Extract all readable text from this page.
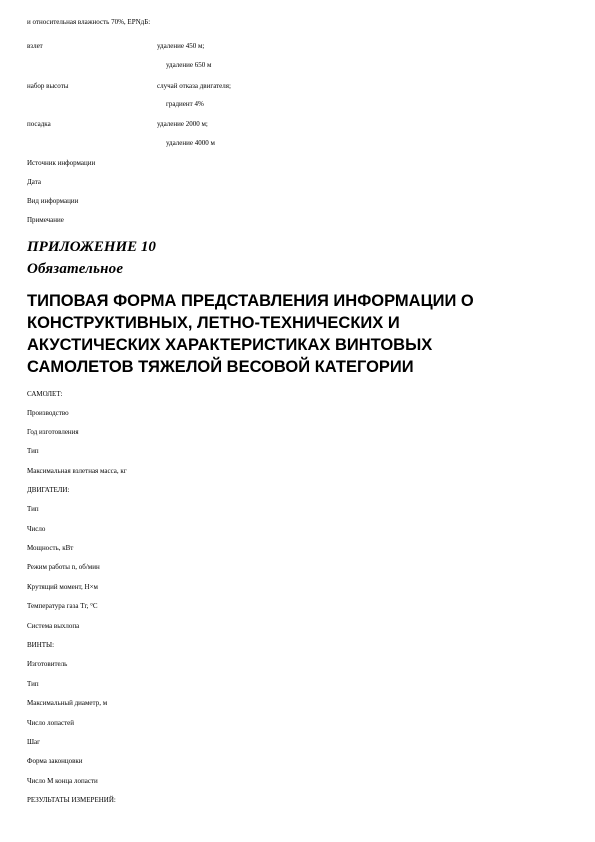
и относительная влажность 70%, ЕРNдБ:
взлет	удаление 450 м;
удаление 650 м
набор высоты	случай отказа двигателя;
градиент 4%
посадка	удаление 2000 м;
удаление 4000 м
Источник информации
Дата
Вид информации
Примечание
ПРИЛОЖЕНИЕ 10
Обязательное
ТИПОВАЯ ФОРМА ПРЕДСТАВЛЕНИЯ ИНФОРМАЦИИ О
КОНСТРУКТИВНЫХ, ЛЕТНО-ТЕХНИЧЕСКИХ И
АКУСТИЧЕСКИХ ХАРАКТЕРИСТИКАХ ВИНТОВЫХ
САМОЛЕТОВ ТЯЖЕЛОЙ ВЕСОВОЙ КАТЕГОРИИ
САМОЛЕТ:
Производство
Год изготовления
Тип
Максимальная взлетная масса, кг
ДВИГАТЕЛИ:
Тип
Число
Мощность, кВт
Режим работы n, об/мин
Крутящий момент, Н×м
Температура газа Тг, °С
Система выхлопа
ВИНТЫ:
Изготовитель
Тип
Максимальный диаметр, м
Число лопастей
Шаг
Форма законцовки
Число М конца лопасти
РЕЗУЛЬТАТЫ ИЗМЕРЕНИЙ:
